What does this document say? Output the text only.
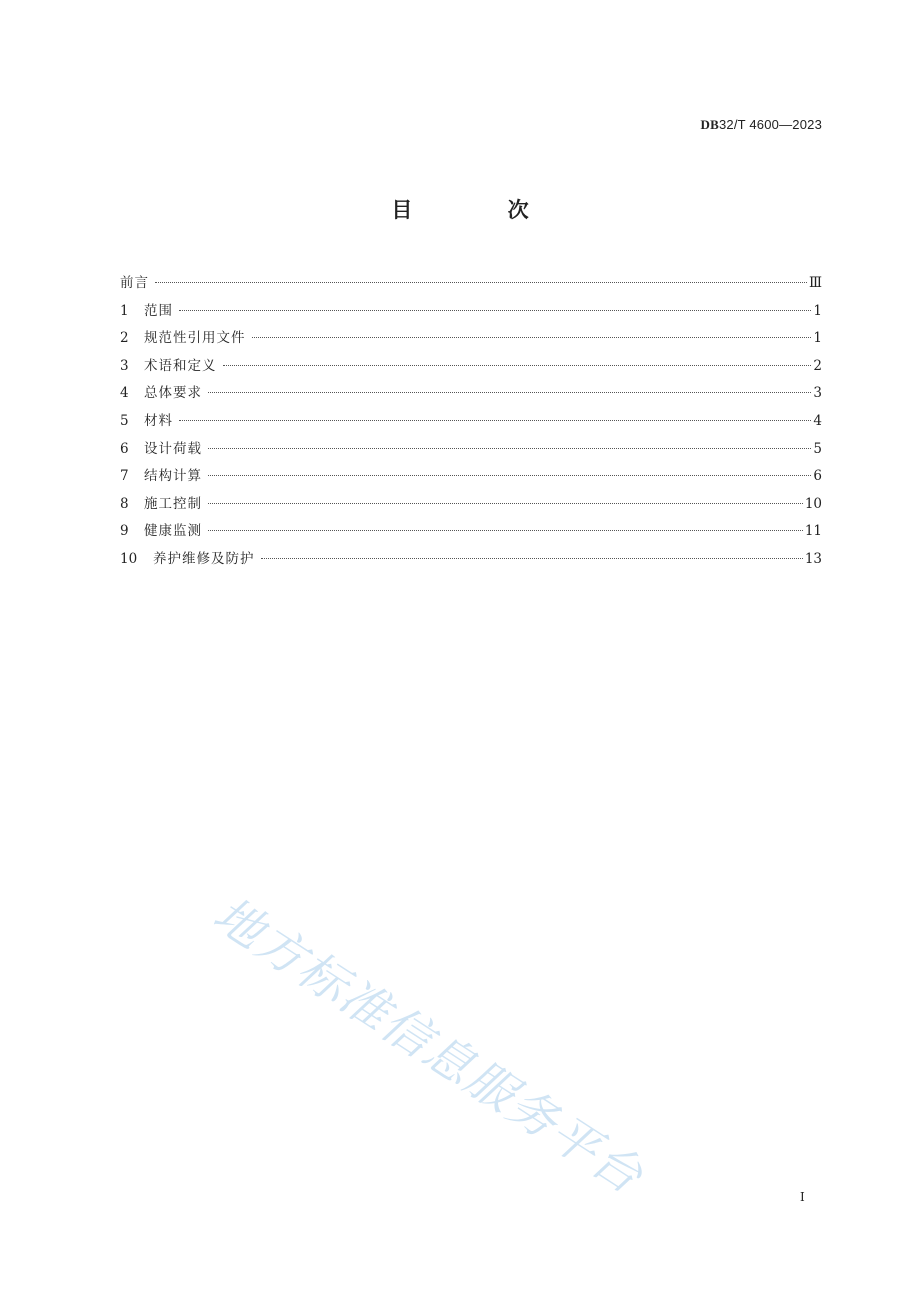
DB32/T 4600—2023
目 次
前言	Ⅲ
1	范围	1
2	规范性引用文件	1
3	术语和定义	2
4	总体要求	3
5	材料	4
6	设计荷载	5
7	结构计算	6
8	施工控制	10
9	健康监测	11
10	养护维修及防护	13
地方标准信息服务平台	I
